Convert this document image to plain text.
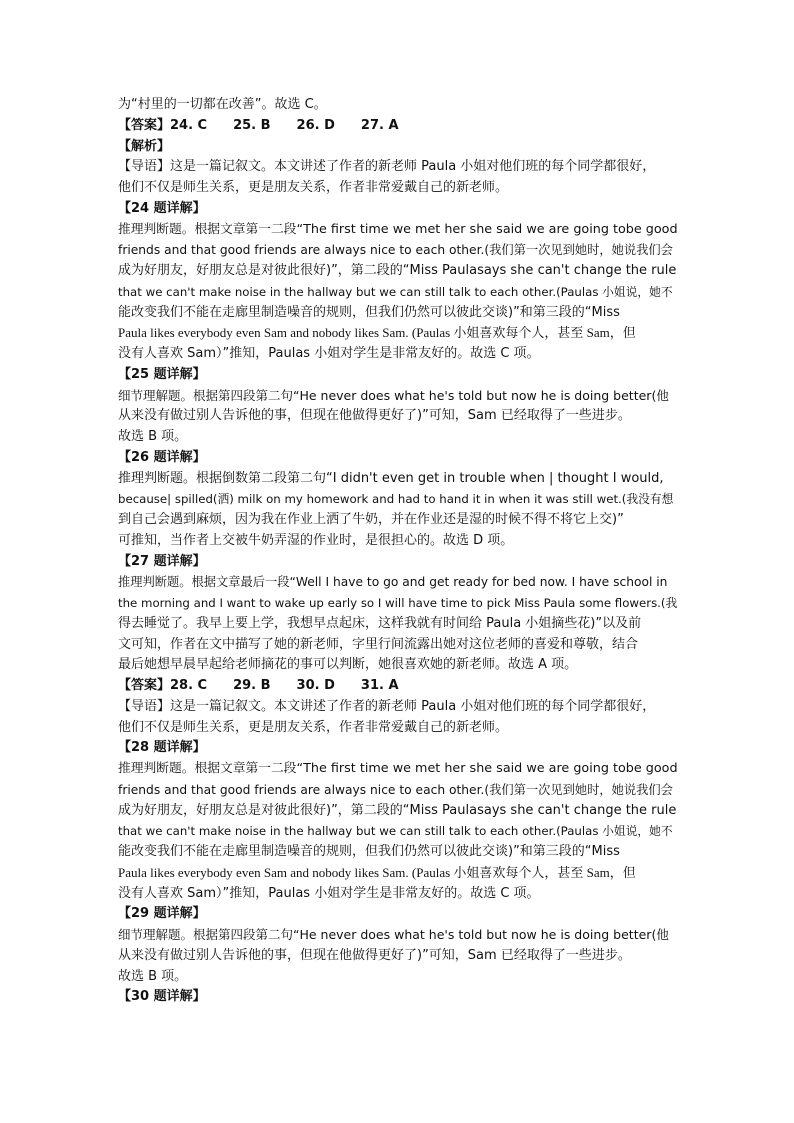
为“村里的一切都在改善”。故选 C。
【答案】24. C　　25. B　　26. D　　27. A
【解析】
【导语】这是一篇记叙文。本文讲述了作者的新老师 Paula 小姐对他们班的每个同学都很好，
他们不仅是师生关系，更是朋友关系，作者非常爱戴自己的新老师。
【24 题详解】
推理判断题。根据文章第一二段“The first time we met her she said we are going tobe good
friends and that good friends are always nice to each other.(我们第一次见到她时，她说我们会
成为好朋友，好朋友总是对彼此很好)”，第二段的“Miss Paulasays she can't change the rule
that we can't make noise in the hallway but we can still talk to each other.(Paulas 小姐说，她不
能改变我们不能在走廊里制造噪音的规则，但我们仍然可以彼此交谈)”和第三段的“Miss
Paula likes everybody even Sam and nobody likes Sam. (Paulas 小姐喜欢每个人，甚至 Sam，但
没有人喜欢 Sam）”推知，Paulas 小姐对学生是非常友好的。故选 C 项。
【25 题详解】
细节理解题。根据第四段第二句“He never does what he's told but now he is doing better(他
从来没有做过别人告诉他的事，但现在他做得更好了)”可知，Sam 已经取得了一些进步。
故选 B 项。
【26 题详解】
推理判断题。根据倒数第二段第二句“I didn't even get in trouble when | thought I would,
because| spilled(洒) milk on my homework and had to hand it in when it was still wet.(我没有想
到自己会遇到麻烦，因为我在作业上洒了牛奶，并在作业还是湿的时候不得不将它上交)”
可推知，当作者上交被牛奶弄湿的作业时，是很担心的。故选 D 项。
【27 题详解】
推理判断题。根据文章最后一段“Well I have to go and get ready for bed now. I have school in
the morning and I want to wake up early so I will have time to pick Miss Paula some flowers.(我
得去睡觉了。我早上要上学，我想早点起床，这样我就有时间给 Paula 小姐摘些花)”以及前
文可知，作者在文中描写了她的新老师，字里行间流露出她对这位老师的喜爱和尊敬，结合
最后她想早晨早起给老师摘花的事可以判断，她很喜欢她的新老师。故选 A 项。
【答案】28. C　　29. B　　30. D　　31. A
【导语】这是一篇记叙文。本文讲述了作者的新老师 Paula 小姐对他们班的每个同学都很好，
他们不仅是师生关系，更是朋友关系，作者非常爱戴自己的新老师。
【28 题详解】
推理判断题。根据文章第一二段“The first time we met her she said we are going tobe good
friends and that good friends are always nice to each other.(我们第一次见到她时，她说我们会
成为好朋友，好朋友总是对彼此很好)”，第二段的“Miss Paulasays she can't change the rule
that we can't make noise in the hallway but we can still talk to each other.(Paulas 小姐说，她不
能改变我们不能在走廊里制造噪音的规则，但我们仍然可以彼此交谈)”和第三段的“Miss
Paula likes everybody even Sam and nobody likes Sam. (Paulas 小姐喜欢每个人，甚至 Sam，但
没有人喜欢 Sam）”推知，Paulas 小姐对学生是非常友好的。故选 C 项。
【29 题详解】
细节理解题。根据第四段第二句“He never does what he's told but now he is doing better(他
从来没有做过别人告诉他的事，但现在他做得更好了)”可知，Sam 已经取得了一些进步。
故选 B 项。
【30 题详解】
